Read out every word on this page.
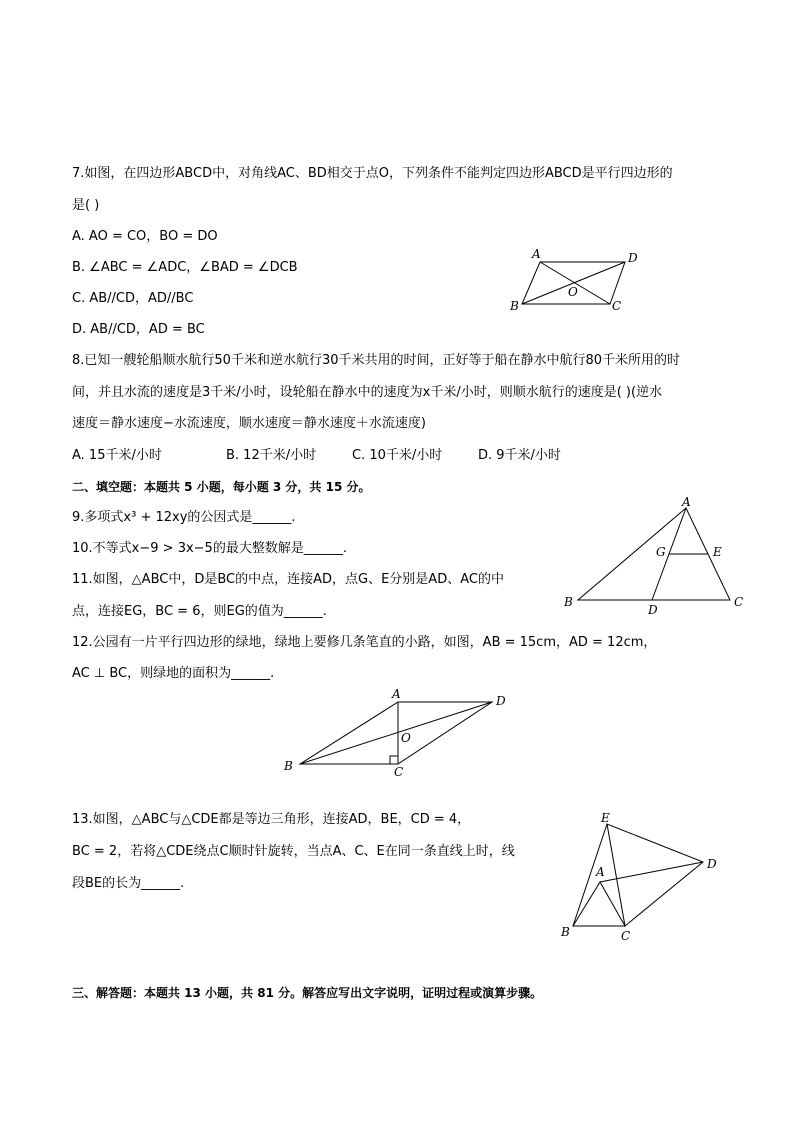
7.如图，在四边形ABCD中，对角线AC、BD相交于点O，下列条件不能判定四边形ABCD是平行四边形的
是( )
A. AO = CO，BO = DO
B. ∠ABC = ∠ADC，∠BAD = ∠DCB
C. AB//CD，AD//BC
D. AB//CD，AD = BC
A	D
B	C
O
8.已知一艘轮船顺水航行50千米和逆水航行30千米共用的时间，正好等于船在静水中航行80千米所用的时
间，并且水流的速度是3千米/小时，设轮船在静水中的速度为x千米/小时，则顺水航行的速度是( )(逆水
速度＝静水速度−水流速度，顺水速度＝静水速度＋水流速度)
A. 15千米/小时	B. 12千米/小时	C. 10千米/小时	D. 9千米/小时
二、填空题：本题共 5 小题，每小题 3 分，共 15 分。
9.多项式x³ + 12xy的公因式是______.
10.不等式x−9 > 3x−5的最大整数解是______.
11.如图，△ABC中，D是BC的中点，连接AD，点G、E分别是AD、AC的中
点，连接EG，BC = 6，则EG的值为______.
A
B	C
D
G	E
12.公园有一片平行四边形的绿地，绿地上要修几条笔直的小路，如图，AB = 15cm，AD = 12cm，
AC ⊥ BC，则绿地的面积为______.
A	D
B	C
O
13.如图，△ABC与△CDE都是等边三角形，连接AD，BE，CD = 4，
BC = 2，若将△CDE绕点C顺时针旋转，当点A、C、E在同一条直线上时，线
段BE的长为______.
E
D
A
B	C
三、解答题：本题共 13 小题，共 81 分。解答应写出文字说明，证明过程或演算步骤。
